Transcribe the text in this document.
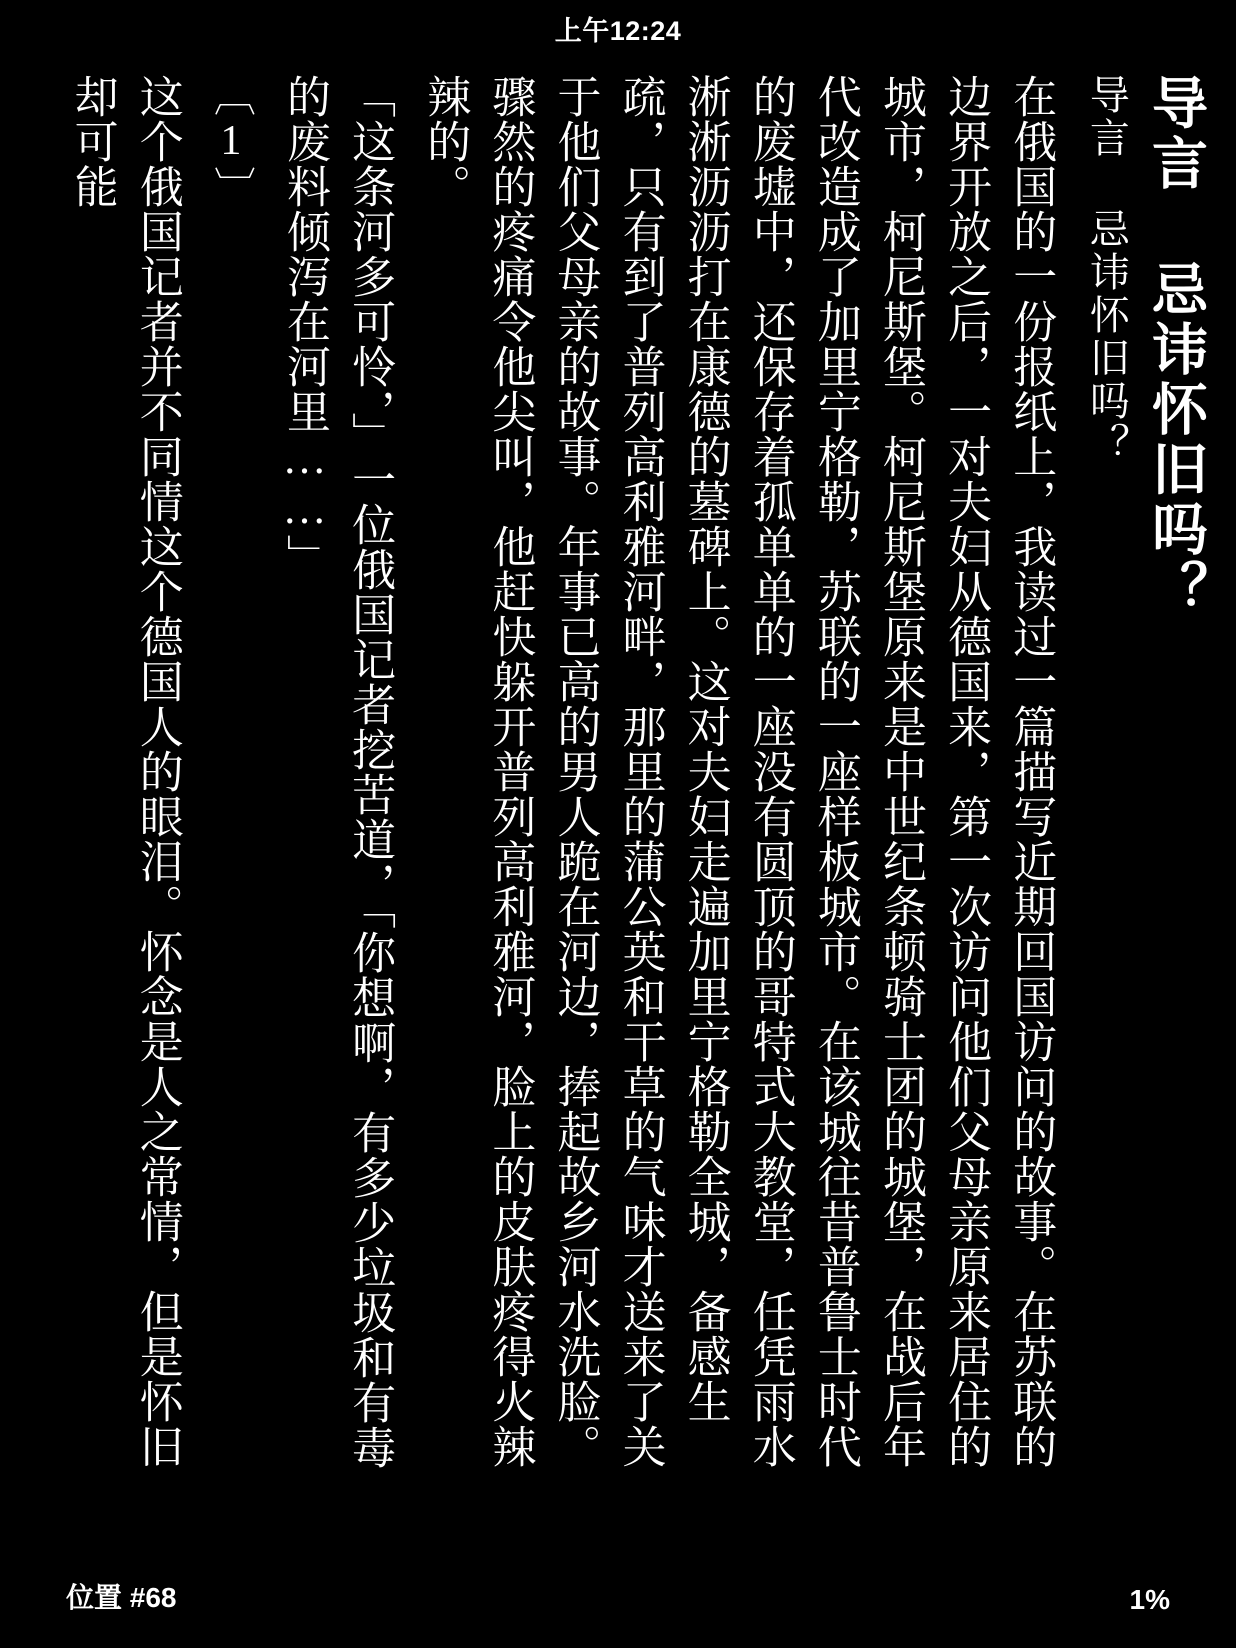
上午12:24
导言 忌讳怀旧吗？
导言 忌讳怀旧吗？
在俄国的一份报纸上，我读过一篇描写近期回国访问的故事。在苏联的边界开放之后，一对夫妇从德国来，第一次访问他们父母亲原来居住的城市，柯尼斯堡。柯尼斯堡原来是中世纪条顿骑士团的城堡，在战后年代改造成了加里宁格勒，苏联的一座样板城市。在该城往昔普鲁士时代的废墟中，还保存着孤单单的一座没有圆顶的哥特式大教堂，任凭雨水淅淅沥沥打在康德的墓碑上。这对夫妇走遍加里宁格勒全城，备感生疏，只有到了普列高利雅河畔，那里的蒲公英和干草的气味才送来了关于他们父母亲的故事。年事已高的男人跪在河边，捧起故乡河水洗脸。骤然的疼痛令他尖叫，他赶快躲开普列高利雅河，脸上的皮肤疼得火辣辣的。
「这条河多可怜，」一位俄国记者挖苦道，「你想啊，有多少垃圾和有毒的废料倾泻在河里……」
〔1〕
这个俄国记者并不同情这个德国人的眼泪。怀念是人之常情，但是怀旧却可能
位置 #68	1%
